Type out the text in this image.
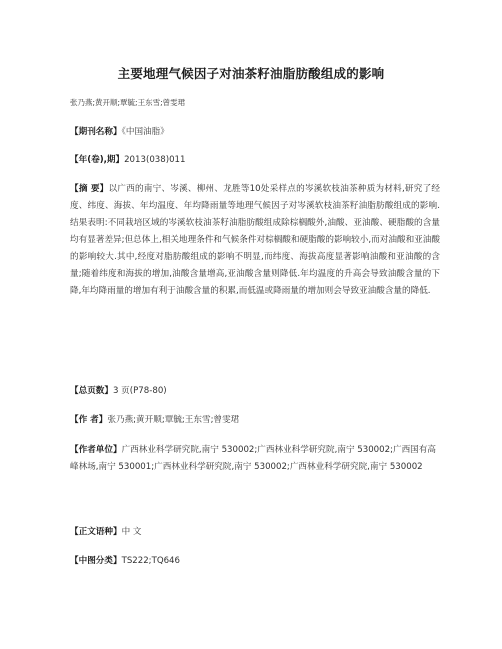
主要地理气候因子对油茶籽油脂肪酸组成的影响
张乃燕;黄开顺;覃毓;王东雪;曾雯珺
【期刊名称】《中国油脂》
【年(卷),期】2013(038)011
【摘 要】以广西的南宁、岑溪、柳州、龙胜等10处采样点的岑溪软枝油茶种质为材料,研究了经度、纬度、海拔、年均温度、年均降雨量等地理气候因子对岑溪软枝油茶籽油脂肪酸组成的影响.结果表明:不同栽培区域的岑溪软枝油茶籽油脂肪酸组成除棕榈酸外,油酸、亚油酸、硬脂酸的含量均有显著差异;但总体上,相关地理条件和气候条件对棕榈酸和硬脂酸的影响较小,而对油酸和亚油酸的影响较大.其中,经度对脂肪酸组成的影响不明显,而纬度、海拔高度显著影响油酸和亚油酸的含量;随着纬度和海拔的增加,油酸含量增高,亚油酸含量则降低.年均温度的升高会导致油酸含量的下降,年均降雨量的增加有利于油酸含量的积累,而低温或降雨量的增加则会导致亚油酸含量的降低.
【总页数】3 页(P78-80)
【作 者】张乃燕;黄开顺;覃毓;王东雪;曾雯珺
【作者单位】广西林业科学研究院,南宁 530002;广西林业科学研究院,南宁 530002;广西国有高峰林场,南宁 530001;广西林业科学研究院,南宁 530002;广西林业科学研究院,南宁 530002
【正文语种】中 文
【中图分类】TS222;TQ646
